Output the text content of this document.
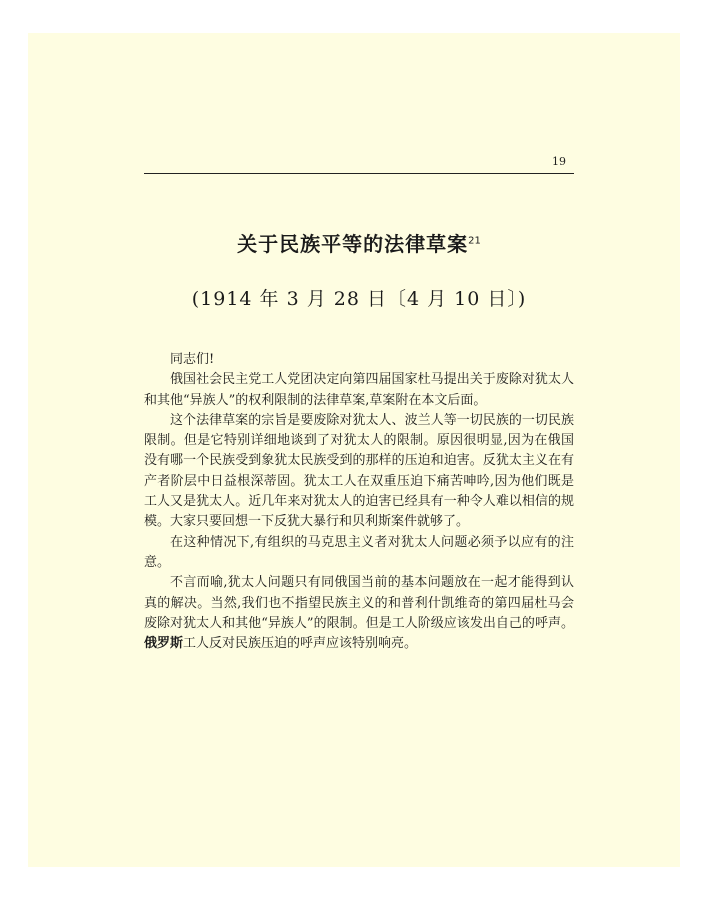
19
关于民族平等的法律草案$^{21}$
(1914 年 3 月 28 日〔4 月 10 日〕)

同志们!

俄国社会民主党工人党团决定向第四届国家杜马提出关于废除对犹太人和其他“异族人”的权利限制的法律草案,草案附在本文后面。

这个法律草案的宗旨是要废除对犹太人、波兰人等一切民族的一切民族限制。但是它特别详细地谈到了对犹太人的限制。原因很明显,因为在俄国没有哪一个民族受到象犹太民族受到的那样的压迫和迫害。反犹太主义在有产者阶层中日益根深蒂固。犹太工人在双重压迫下痛苦呻吟,因为他们既是工人又是犹太人。近几年来对犹太人的迫害已经具有一种令人难以相信的规模。大家只要回想一下反犹大暴行和贝利斯案件就够了。

在这种情况下,有组织的马克思主义者对犹太人问题必须予以应有的注意。

不言而喻,犹太人问题只有同俄国当前的基本问题放在一起才能得到认真的解决。当然,我们也不指望民族主义的和普利什凯维奇的第四届杜马会废除对犹太人和其他“异族人”的限制。但是工人阶级应该发出自己的呼声。俄罗斯工人反对民族压迫的呼声应该特别响亮。
